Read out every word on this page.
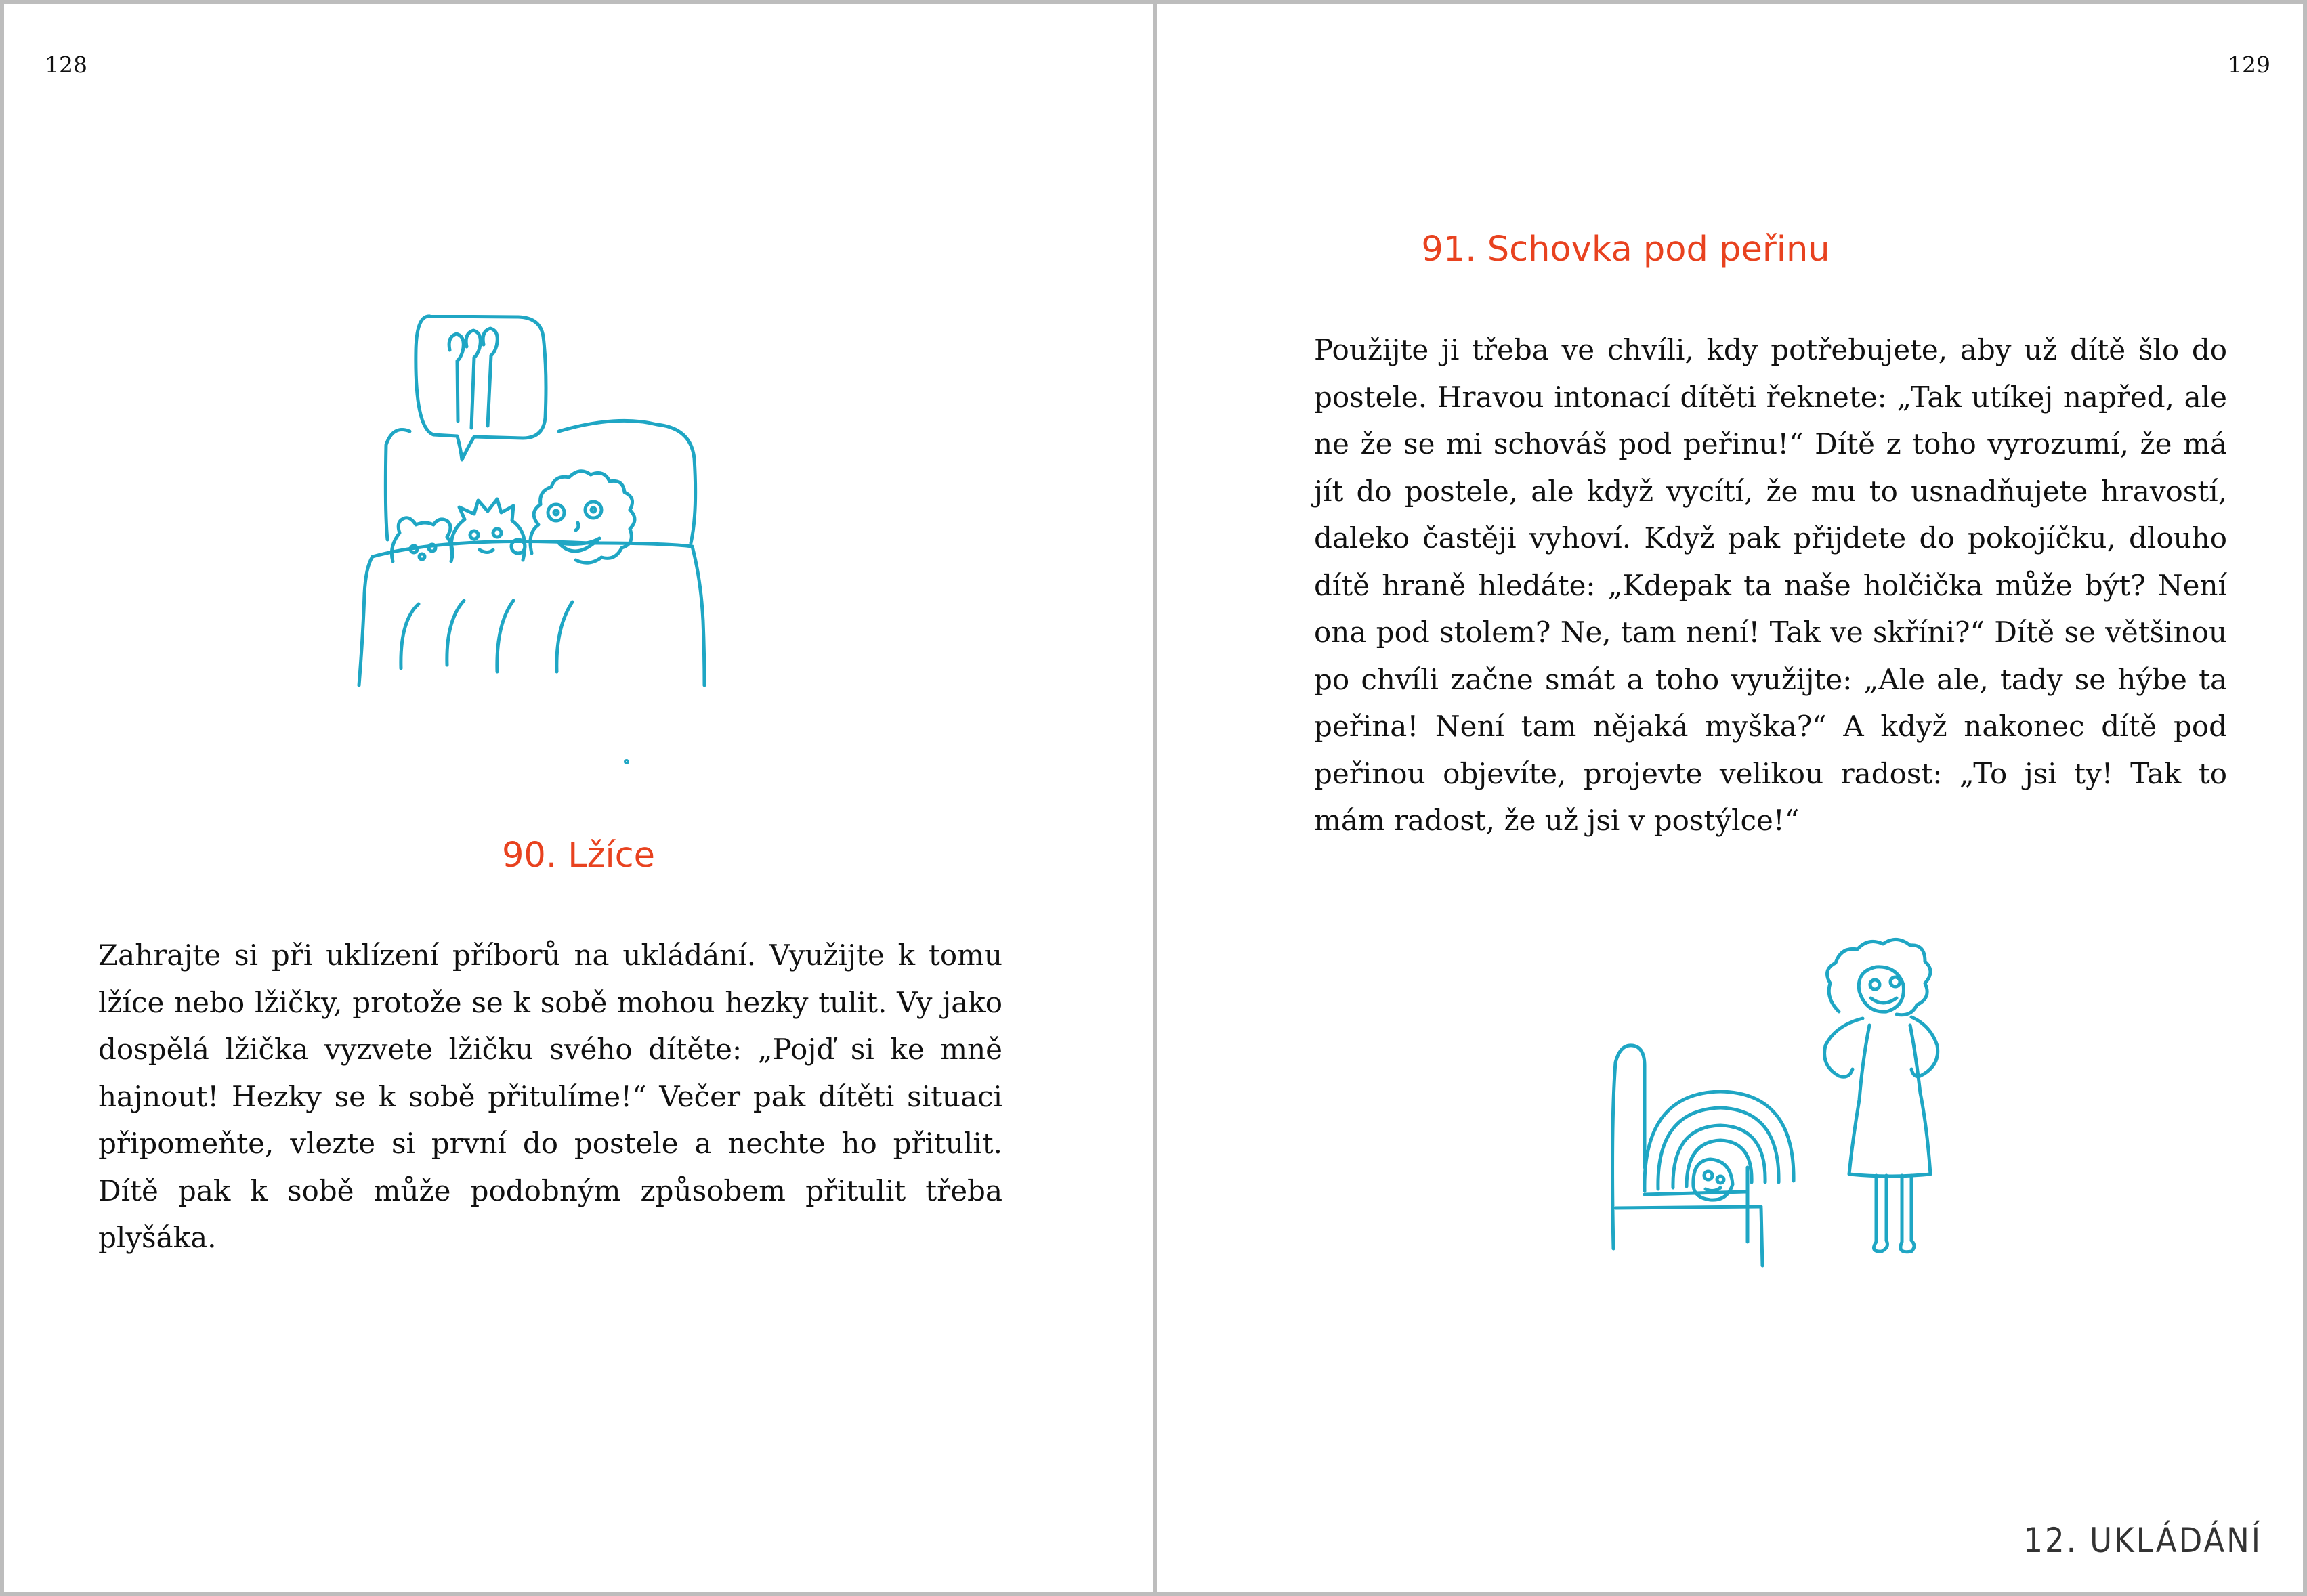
128
90. Lžíce

Zahrajte si při uklízení příborů na ukládání. Využijte k tomu lžíce nebo lžičky, protože se k sobě mohou hezky tulit. Vy jako dospělá lžička vyzvete lžičku svého dítěte: „Pojď si ke mně hajnout! Hezky se k sobě přitulíme!“ Večer pak dítěti situaci připomeňte, vlezte si první do postele a nechte ho přitulit. Dítě pak k sobě může podobným způsobem přitulit třeba plyšáka.

129
91. Schovka pod peřinu

Použijte ji třeba ve chvíli, kdy potřebujete, aby už dítě šlo do postele. Hravou intonací dítěti řeknete: „Tak utíkej napřed, ale ne že se mi schováš pod peřinu!“ Dítě z toho vyrozumí, že má jít do postele, ale když vycítí, že mu to usnadňujete hravostí, daleko častěji vyhoví. Když pak přijdete do pokojíčku, dlouho dítě hraně hledáte: „Kdepak ta naše holčička může být? Není ona pod stolem? Ne, tam není! Tak ve skříni?“ Dítě se většinou po chvíli začne smát a toho využijte: „Ale ale, tady se hýbe ta peřina! Není tam nějaká myška?“ A když nakonec dítě pod peřinou objevíte, projevte velikou radost: „To jsi ty! Tak to mám radost, že už jsi v postýlce!“

12. UKLÁDÁNÍ
